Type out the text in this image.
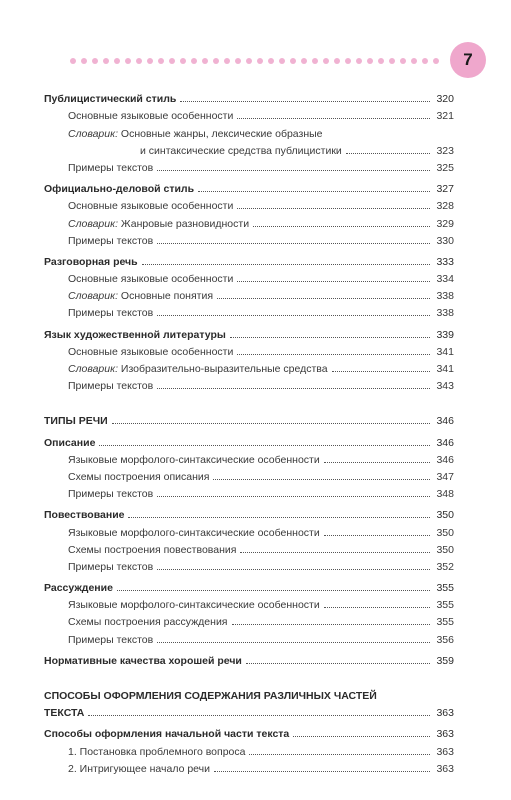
7
Публицистический стиль	320
Основные языковые особенности	321
Словарик: Основные жанры, лексические образные
и синтаксические средства публицистики	323
Примеры текстов	325
Официально-деловой стиль	327
Основные языковые особенности	328
Словарик: Жанровые разновидности	329
Примеры текстов	330
Разговорная речь	333
Основные языковые особенности	334
Словарик: Основные понятия	338
Примеры текстов	338
Язык художественной литературы	339
Основные языковые особенности	341
Словарик: Изобразительно-выразительные средства	341
Примеры текстов	343
ТИПЫ РЕЧИ	346
Описание	346
Языковые морфолого-синтаксические особенности	346
Схемы построения описания	347
Примеры текстов	348
Повествование	350
Языковые морфолого-синтаксические особенности	350
Схемы построения повествования	350
Примеры текстов	352
Рассуждение	355
Языковые морфолого-синтаксические особенности	355
Схемы построения рассуждения	355
Примеры текстов	356
Нормативные качества хорошей речи	359
СПОСОБЫ ОФОРМЛЕНИЯ СОДЕРЖАНИЯ РАЗЛИЧНЫХ ЧАСТЕЙ
ТЕКСТА	363
Способы оформления начальной части текста	363
1. Постановка проблемного вопроса	363
2. Интригующее начало речи	363
